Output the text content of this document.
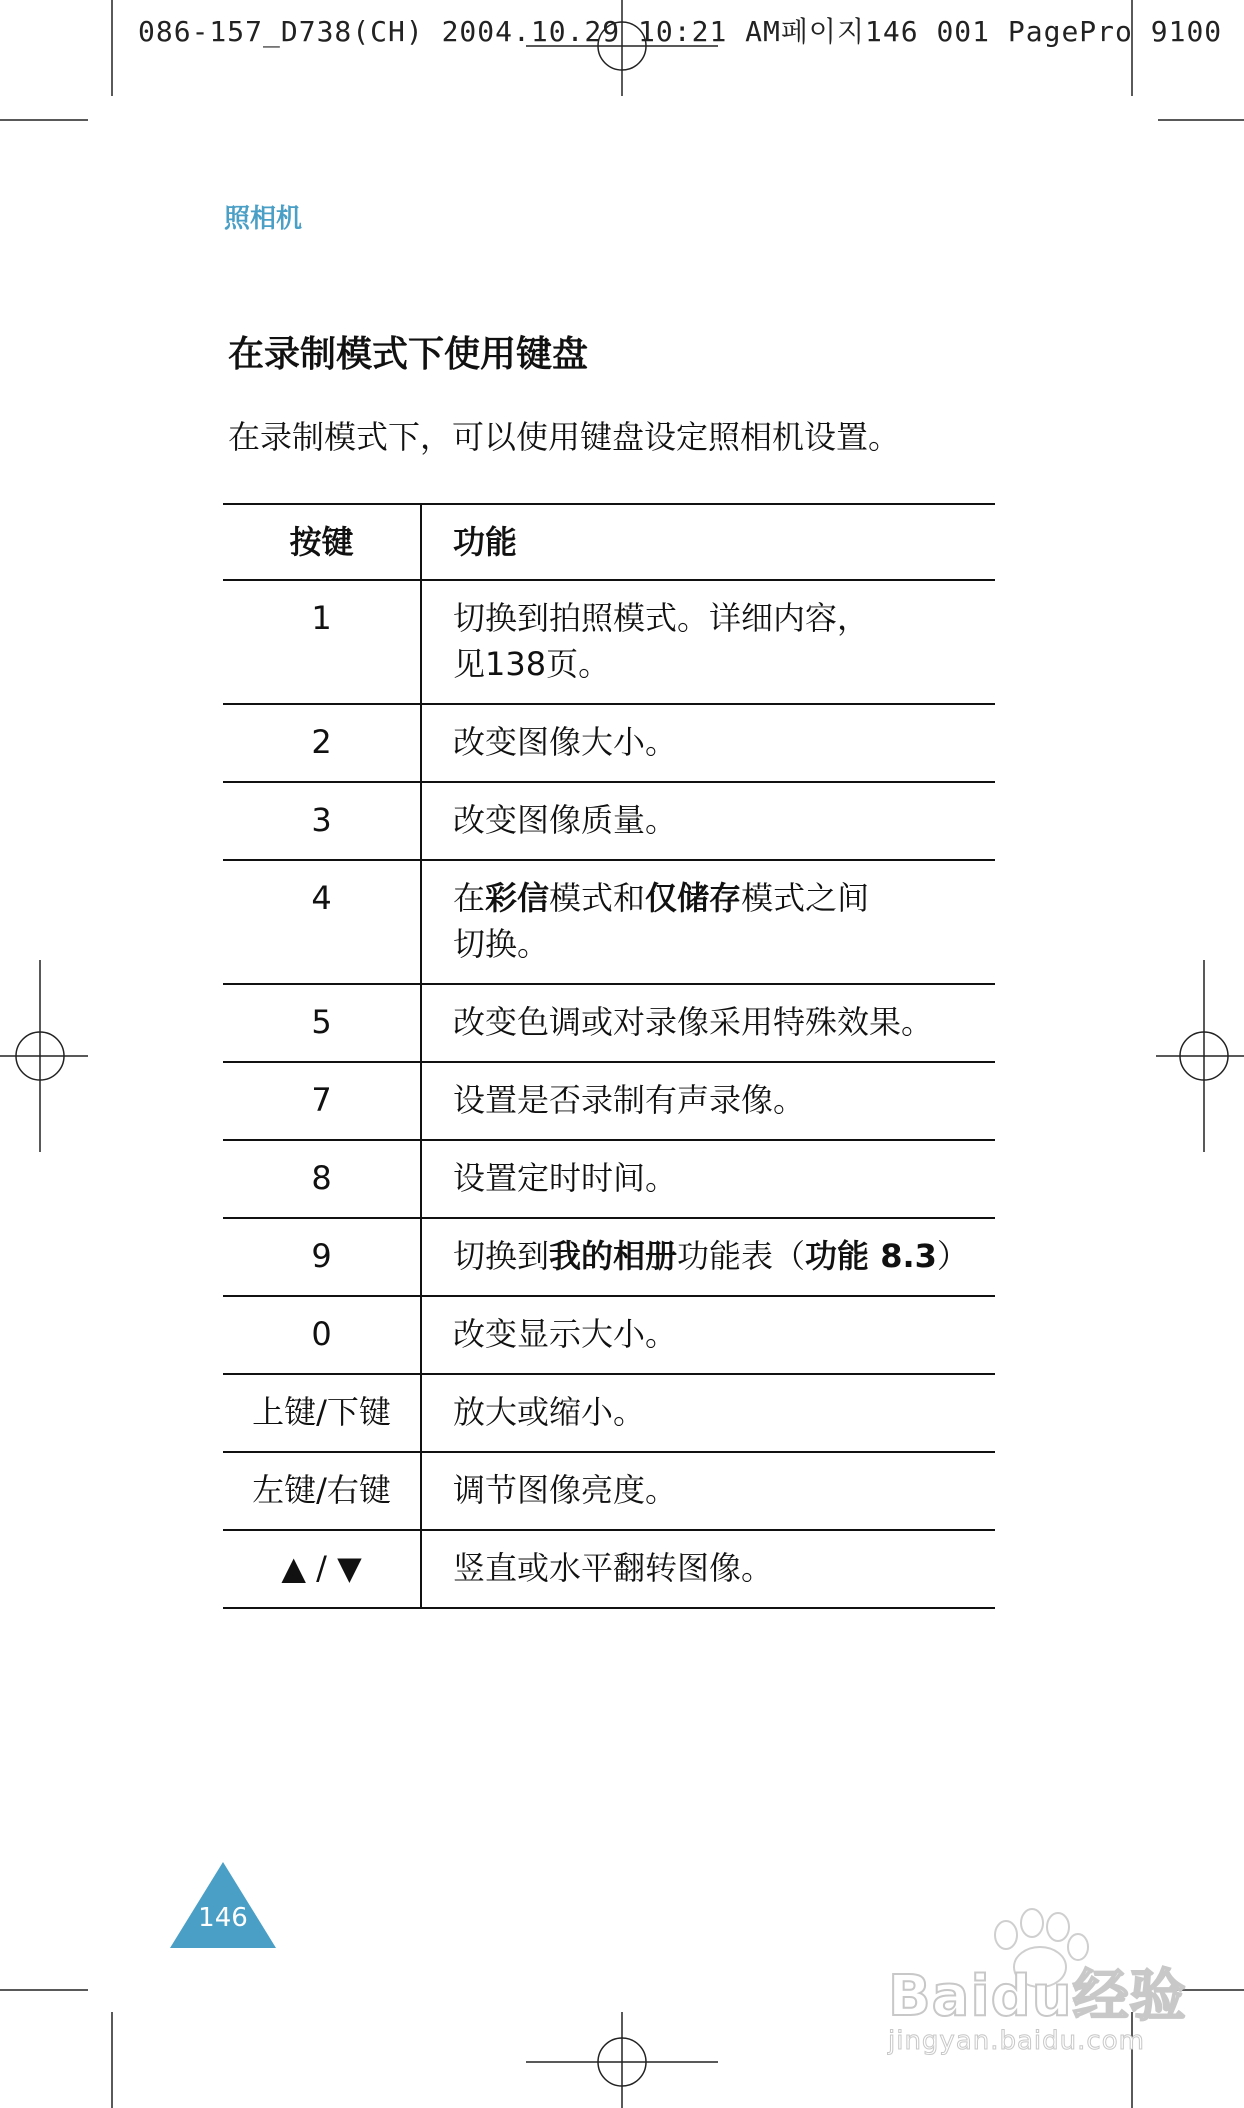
086-157_D738(CH) 2004.10.29 10:21 AM페이지146 001 PagePro 9100
照相机
在录制模式下使用键盘
在录制模式下，可以使用键盘设定照相机设置。
按键	功能
1	切换到拍照模式。详细内容，
见138页。
2	改变图像大小。
3	改变图像质量。
4	在彩信模式和仅储存模式之间
切换。
5	改变色调或对录像采用特殊效果。
7	设置是否录制有声录像。
8	设置定时时间。
9	切换到我的相册功能表（功能 8.3）
0	改变显示大小。
上键/下键	放大或缩小。
左键/右键	调节图像亮度。
▲ / ▼	竖直或水平翻转图像。
146
Baidu经验
jingyan.baidu.com
